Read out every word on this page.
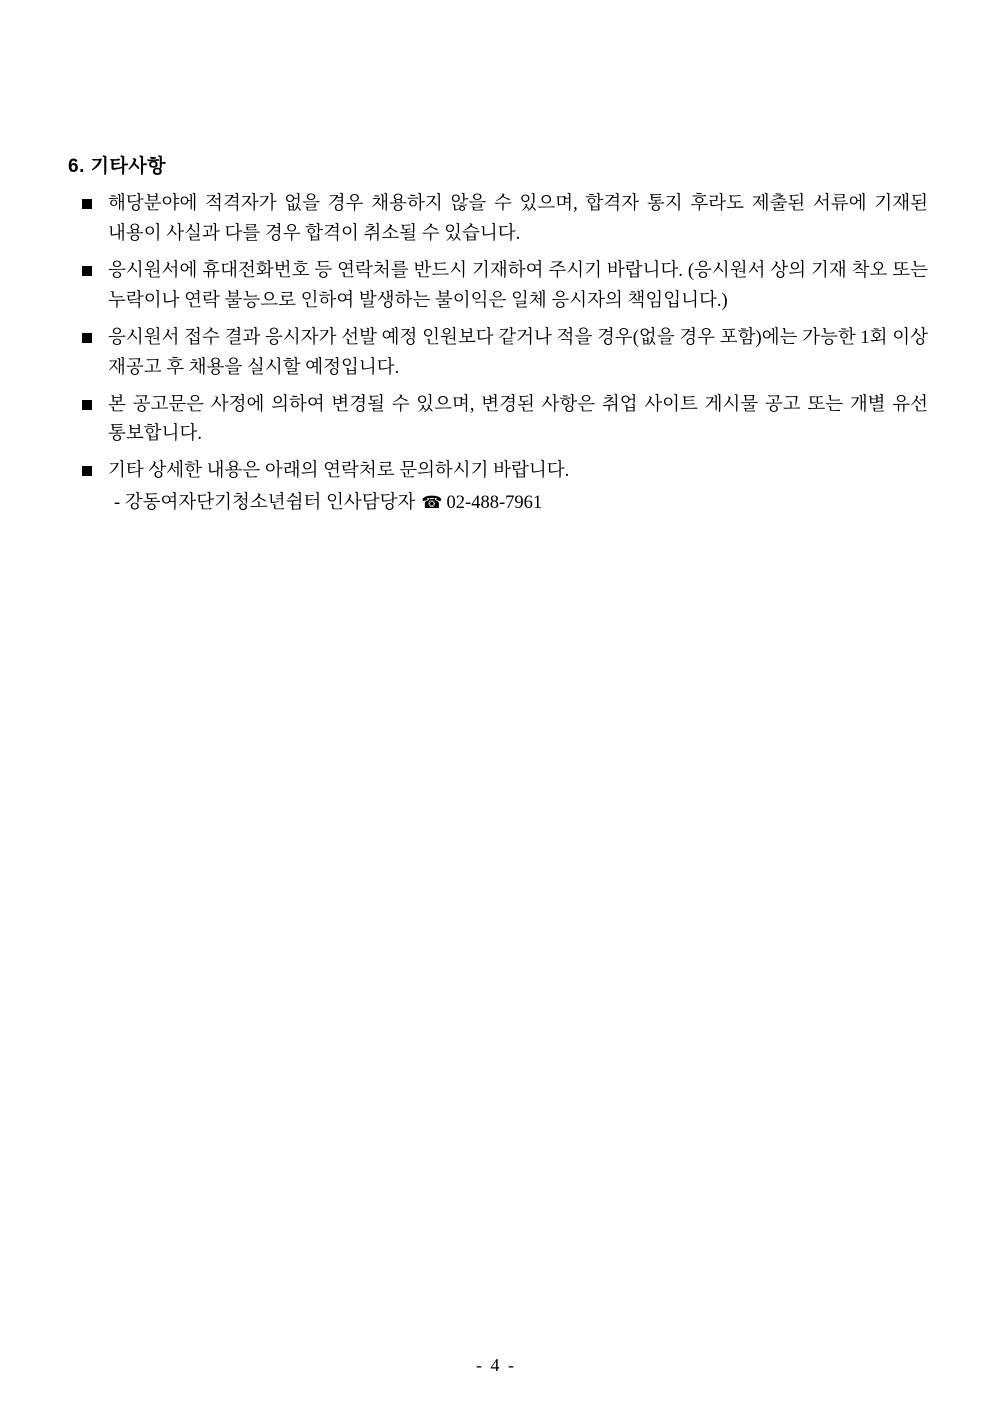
6. 기타사항
해당분야에 적격자가 없을 경우 채용하지 않을 수 있으며, 합격자 통지 후라도 제출된 서류에 기재된 내용이 사실과 다를 경우 합격이 취소될 수 있습니다.
응시원서에 휴대전화번호 등 연락처를 반드시 기재하여 주시기 바랍니다. (응시원서 상의 기재 착오 또는 누락이나 연락 불능으로 인하여 발생하는 불이익은 일체 응시자의 책임입니다.)
응시원서 접수 결과 응시자가 선발 예정 인원보다 같거나 적을 경우(없을 경우 포함)에는 가능한 1회 이상 재공고 후 채용을 실시할 예정입니다.
본 공고문은 사정에 의하여 변경될 수 있으며, 변경된 사항은 취업 사이트 게시물 공고 또는 개별 유선 통보합니다.
기타 상세한 내용은 아래의 연락처로 문의하시기 바랍니다.
- 강동여자단기청소년쉼터 인사담당자 ☎ 02-488-7961
- 4 -
